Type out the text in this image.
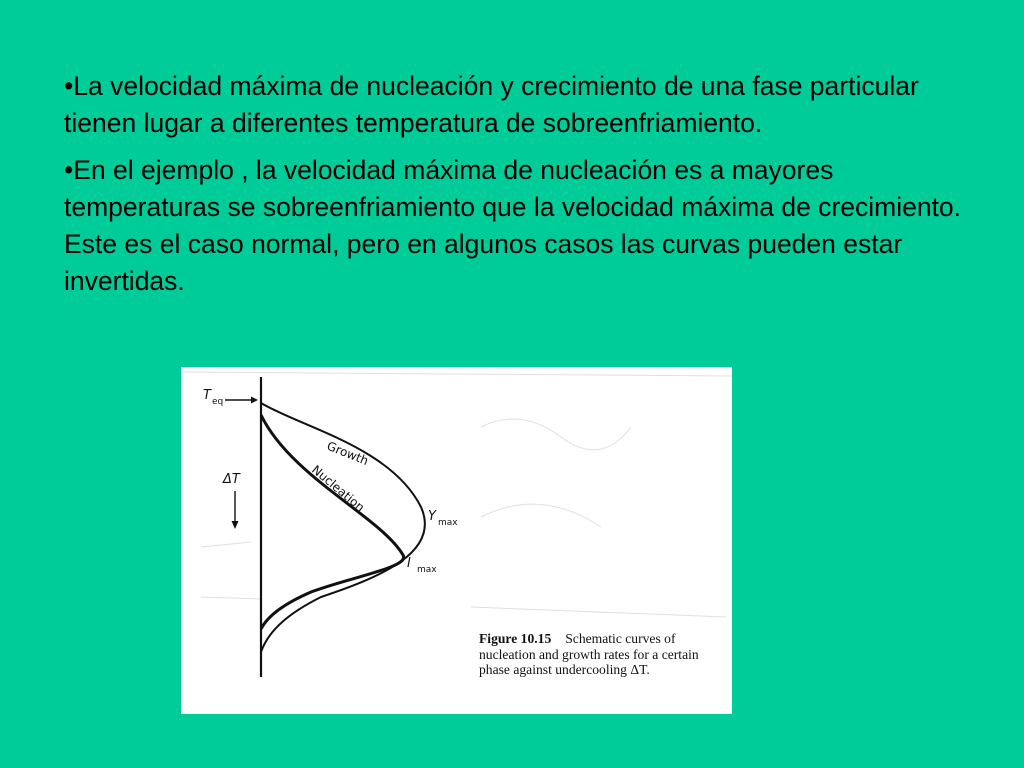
•La velocidad máxima de nucleación y crecimiento de una fase particular tienen lugar a diferentes temperatura de sobreenfriamiento.

•En el ejemplo , la velocidad máxima de nucleación es a mayores temperaturas se sobreenfriamiento que la velocidad máxima de crecimiento. Este es el caso normal, pero en algunos casos las curvas pueden estar invertidas.

T eq
ΔT
Growth
Nucleation
Y max
I max
Figure 10.15 Schematic curves of nucleation and growth rates for a certain phase against undercooling ΔT.
